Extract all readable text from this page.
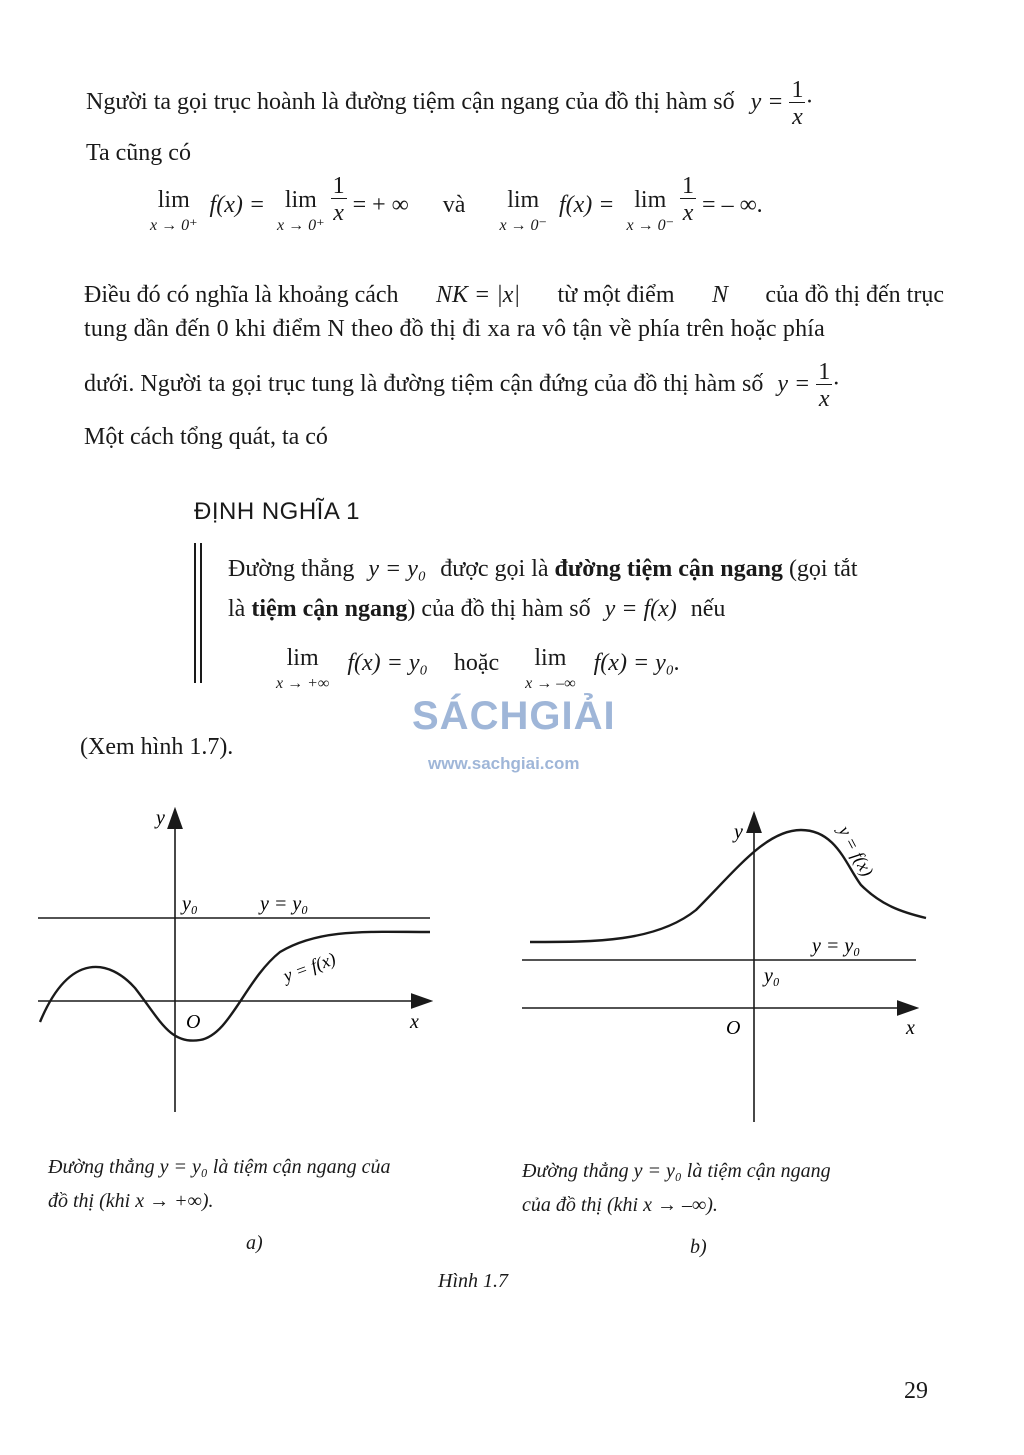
Người ta gọi trục hoành là đường tiệm cận ngang của đồ thị hàm số $y = \frac{1}{x}$ ·
Ta cũng có
lim
x → 0⁺
f(x) = lim
x → 0⁺

$\frac{1}{x}$ = + ∞ và	lim
x → 0⁻
f(x) = lim
x → 0⁻

$\frac{1}{x}$ = – ∞.
Điều đó có nghĩa là khoảng cách NK = |x| từ một điểm N của đồ thị đến trục
tung dần đến 0 khi điểm N theo đồ thị đi xa ra vô tận về phía trên hoặc phía
dưới. Người ta gọi trục tung là đường tiệm cận đứng của đồ thị hàm số $y = \frac{1}{x}$ ·
Một cách tổng quát, ta có
ĐỊNH NGHĨA 1
Đường thẳng y = y₀ được gọi là đường tiệm cận ngang (gọi tắt
là tiệm cận ngang) của đồ thị hàm số y = f(x) nếu
lim
x → +∞
f(x) = y₀ hoặc	lim
x → –∞
f(x) = y₀.
SÁCHGIẢI
www.sachgiai.com
(Xem hình 1.7).
y
y₀	y = y₀
y = f(x)
O	x
y	y = f(x)
y = y₀
y₀
O	x
Đường thẳng y = y₀ là tiệm cận ngang của
đồ thị (khi x → +∞).
a)
Đường thẳng y = y₀ là tiệm cận ngang
của đồ thị (khi x → –∞).
b)
Hình 1.7
29
